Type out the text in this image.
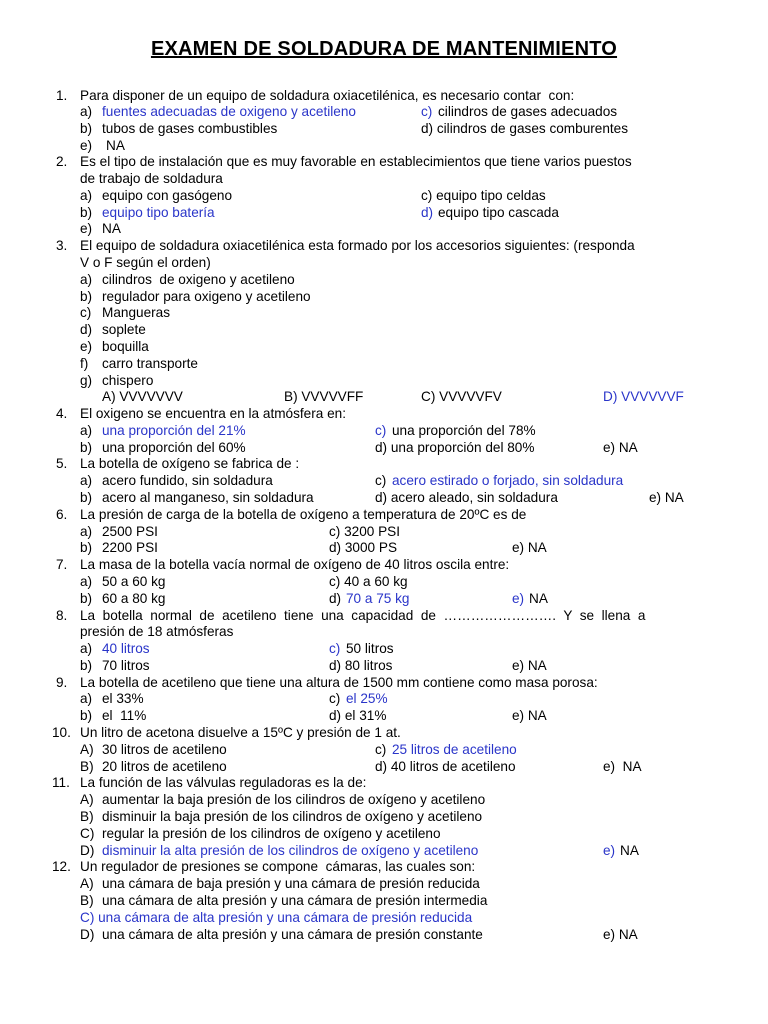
EXAMEN DE SOLDADURA DE MANTENIMIENTO
1. Para disponer de un equipo de soldadura oxiacetilénica, es necesario contar  con:
a) fuentes adecuadas de oxigeno y acetileno	c) cilindros de gases adecuados
b) tubos de gases combustibles	d) cilindros de gases comburentes
e) NA
2. Es el tipo de instalación que es muy favorable en establecimientos que tiene varios puestos
de trabajo de soldadura
a) equipo con gasógeno	c) equipo tipo celdas
b) equipo tipo batería	d) equipo tipo cascada
e) NA
3. El equipo de soldadura oxiacetilénica esta formado por los accesorios siguientes: (responda
V o F según el orden)
a) cilindros  de oxigeno y acetileno
b) regulador para oxigeno y acetileno
c) Mangueras
d) soplete
e) boquilla
f) carro transporte
g) chispero
A) VVVVVVV	B) VVVVVFF	C) VVVVVFV	D) VVVVVVF
4. El oxigeno se encuentra en la atmósfera en:
a) una proporción del 21%	c) una proporción del 78%
b) una proporción del 60%	d) una proporción del 80%	e) NA
5. La botella de oxígeno se fabrica de :
a) acero fundido, sin soldadura	c) acero estirado o forjado, sin soldadura
b) acero al manganeso, sin soldadura	d) acero aleado, sin soldadura	e) NA
6. La presión de carga de la botella de oxígeno a temperatura de 20ºC es de
a) 2500 PSI	c) 3200 PSI
b) 2200 PSI	d) 3000 PS	e) NA
7. La masa de la botella vacía normal de oxígeno de 40 litros oscila entre:
a) 50 a 60 kg	c) 40 a 60 kg
b) 60 a 80 kg	d) 70 a 75 kg	e) NA
8. La  botella  normal  de  acetileno  tiene  una  capacidad  de  …………………….  Y  se  llena  a
presión de 18 atmósferas
a) 40 litros	c) 50 litros
b) 70 litros	d) 80 litros	e) NA
9. La botella de acetileno que tiene una altura de 1500 mm contiene como masa porosa:
a) el 33%	c) el 25%
b) el  11%	d) el 31%	e) NA
10. Un litro de acetona disuelve a 15ºC y presión de 1 at.
A) 30 litros de acetileno	c) 25 litros de acetileno
B) 20 litros de acetileno	d) 40 litros de acetileno	e)  NA
11. La función de las válvulas reguladoras es la de:
A) aumentar la baja presión de los cilindros de oxígeno y acetileno
B) disminuir la baja presión de los cilindros de oxígeno y acetileno
C) regular la presión de los cilindros de oxígeno y acetileno
D) disminuir la alta presión de los cilindros de oxígeno y acetileno	e) NA
12. Un regulador de presiones se compone  cámaras, las cuales son:
A) una cámara de baja presión y una cámara de presión reducida
B) una cámara de alta presión y una cámara de presión intermedia
C) una cámara de alta presión y una cámara de presión reducida
D) una cámara de alta presión y una cámara de presión constante	e) NA
